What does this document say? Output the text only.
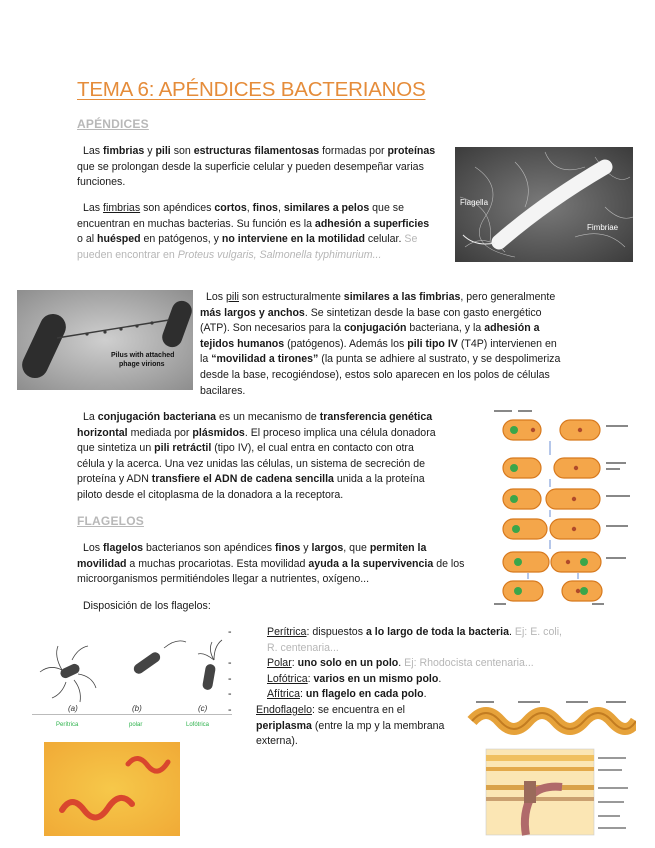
TEMA 6: APÉNDICES BACTERIANOS
APÉNDICES

Las fimbrias y pili son estructuras filamentosas formadas por proteínas que se prolongan desde la superficie celular y pueden desempeñar varias funciones.

Las fimbrias son apéndices cortos, finos, similares a pelos que se encuentran en muchas bacterias. Su función es la adhesión a superficies o al huésped en patógenos, y no interviene en la motilidad celular. Se pueden encontrar en Proteus vulgaris, Salmonella typhimurium...

Flagella
Fimbriae
Pilus with attached
phage virions

Los pili son estructuralmente similares a las fimbrias, pero generalmente más largos y anchos. Se sintetizan desde la base con gasto energético (ATP). Son necesarios para la conjugación bacteriana, y la adhesión a tejidos humanos (patógenos). Además los pili tipo IV (T4P) intervienen en la “movilidad a tirones” (la punta se adhiere al sustrato, y se despolimeriza desde la base, recogiéndose), estos solo aparecen en los polos de células bacilares.

La conjugación bacteriana es un mecanismo de transferencia genética horizontal mediada por plásmidos. El proceso implica una célula donadora que sintetiza un pili retráctil (tipo IV), el cual entra en contacto con otra célula y la acerca. Una vez unidas las células, un sistema de secreción de proteína y ADN transfiere el ADN de cadena sencilla unida a la proteína piloto desde el citoplasma de la donadora a la receptora.

FLAGELOS

Los flagelos bacterianos son apéndices finos y largos, que permiten la movilidad a muchas procariotas. Esta movilidad ayuda a la supervivencia de los microorganismos permitiéndoles llegar a nutrientes, oxígeno...

Disposición de los flagelos:

(a)	(b)	(c)
Perítrica	polar	Lofótrica
- Perítrica: dispuestos a lo largo de toda la bacteria. Ej: E. coli, R. centenaria...
- Polar: uno solo en un polo. Ej: Rhodocista centenaria...
- Lofótrica: varios en un mismo polo.
- Afítrica: un flagelo en cada polo.
- Endoflagelo: se encuentra en el periplasma (entre la mp y la membrana externa).
